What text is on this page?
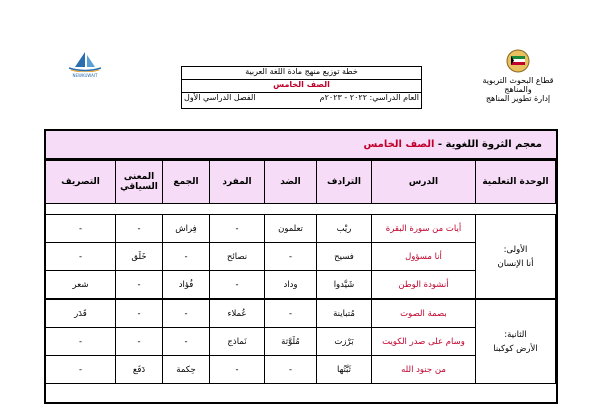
NEWKUWAIT	خطة توزيع منهج مادة اللغة العربية
الصف الخامس
العام الدراسي: ٢٠٢٢ - ٢٠٢٣م
الفصل الدراسي الأول
قطاع البحوث التربوية والمناهج
إدارة تطوير المناهج
معجم الثروة اللغوية - الصف الخامس
الوحدة التعلمية	الدرس	الترادف	الضد	المفرد	الجمع	المعنى السياقي	التصريف

الأولى:
أنا الإنسان	أيات من سورة البقرة	ريْب	تعلمون	-	فِراش	-	-
	أنا مسؤول	فسيح	-	نصائح	-	خَلَق	-
	أنشودة الوطن	شَيَّدوا	وداد	-	فُؤاد	-	شعر

الثانية:
الأرض كوكبنا	بصمة الصوت	مُتباينة	-	عُملاء	-	-	قَدَر
	وسام على صدر الكويت	بَرْزت	مُلَوَّثة	نَماذج	-	-	-
	من جنود الله	ثَبَّتُها	-	-	حِكمة	دَفَع	-
